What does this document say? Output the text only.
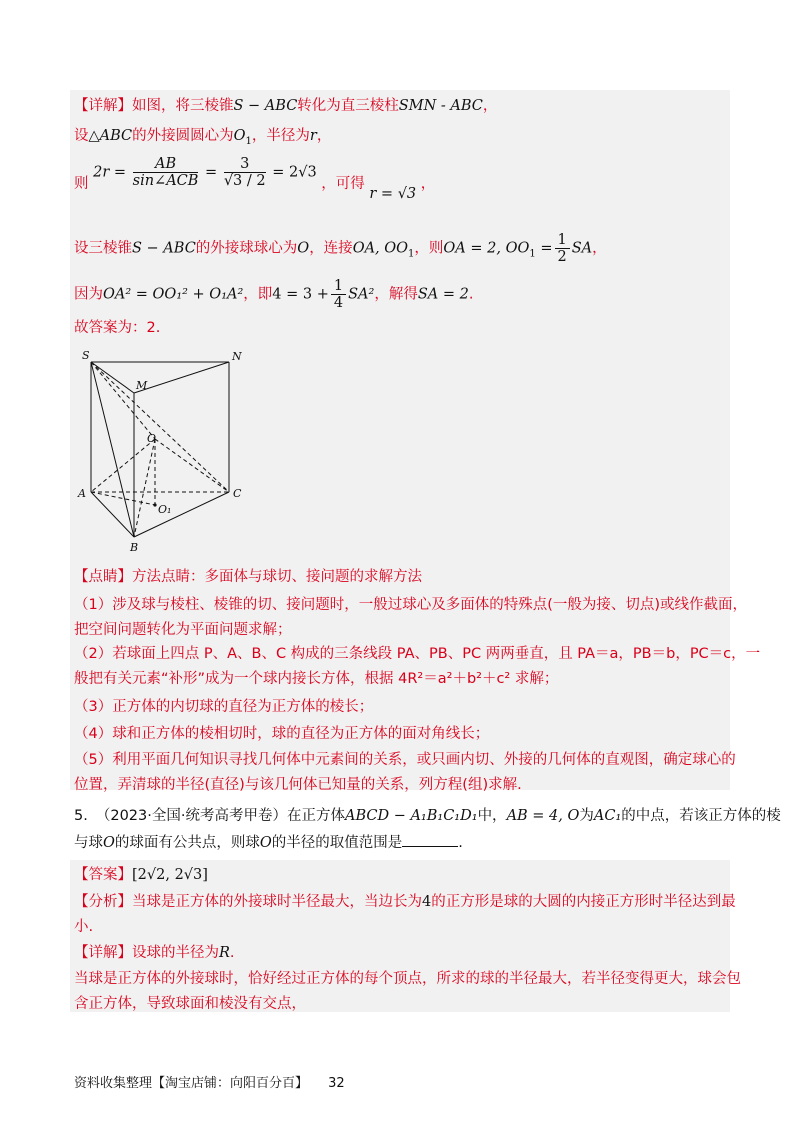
【详解】如图，将三棱锥S − ABC转化为直三棱柱SMN - ABC，
设△ABC的外接圆圆心为$O_1$，半径为r，
则 $2r = \frac{AB}{\text{sin∠ACB}} = \frac{3}{√3 / 2} = 2√3$ ，可得 r = √3 ，
设三棱锥S − ABC的外接球球心为O，连接OA, $OO_1$，则OA = 2, $OO_1 = \frac{1}{2}$ SA，
因为OA² = OO₁² + O₁A²，即$4 = 3 + \frac{1}{4} SA^2$，解得SA = 2.
故答案为：2.
S	N
M
O
A	C
O₁
B
【点睛】方法点睛：多面体与球切、接问题的求解方法
（1）涉及球与棱柱、棱锥的切、接问题时，一般过球心及多面体的特殊点(一般为接、切点)或线作截面，
把空间问题转化为平面问题求解；
（2）若球面上四点 P、A、B、C 构成的三条线段 PA、PB、PC 两两垂直，且 PA＝a，PB＝b，PC＝c，一
般把有关元素“补形”成为一个球内接长方体，根据 4R²＝a²＋b²＋c² 求解；
（3）正方体的内切球的直径为正方体的棱长；
（4）球和正方体的棱相切时，球的直径为正方体的面对角线长；
（5）利用平面几何知识寻找几何体中元素间的关系，或只画内切、外接的几何体的直观图，确定球心的
位置，弄清球的半径(直径)与该几何体已知量的关系，列方程(组)求解.
5. （2023·全国·统考高考甲卷）在正方体ABCD − A₁B₁C₁D₁中，AB = 4, O为AC₁的中点，若该正方体的棱
与球O的球面有公共点，则球O的半径的取值范围是	.
【答案】[2√2, 2√3]
【分析】当球是正方体的外接球时半径最大，当边长为4的正方形是球的大圆的内接正方形时半径达到最
小.
【详解】设球的半径为R.
当球是正方体的外接球时，恰好经过正方体的每个顶点，所求的球的半径最大，若半径变得更大，球会包
含正方体，导致球面和棱没有交点，
资料收集整理【淘宝店铺：向阳百分百】 32
